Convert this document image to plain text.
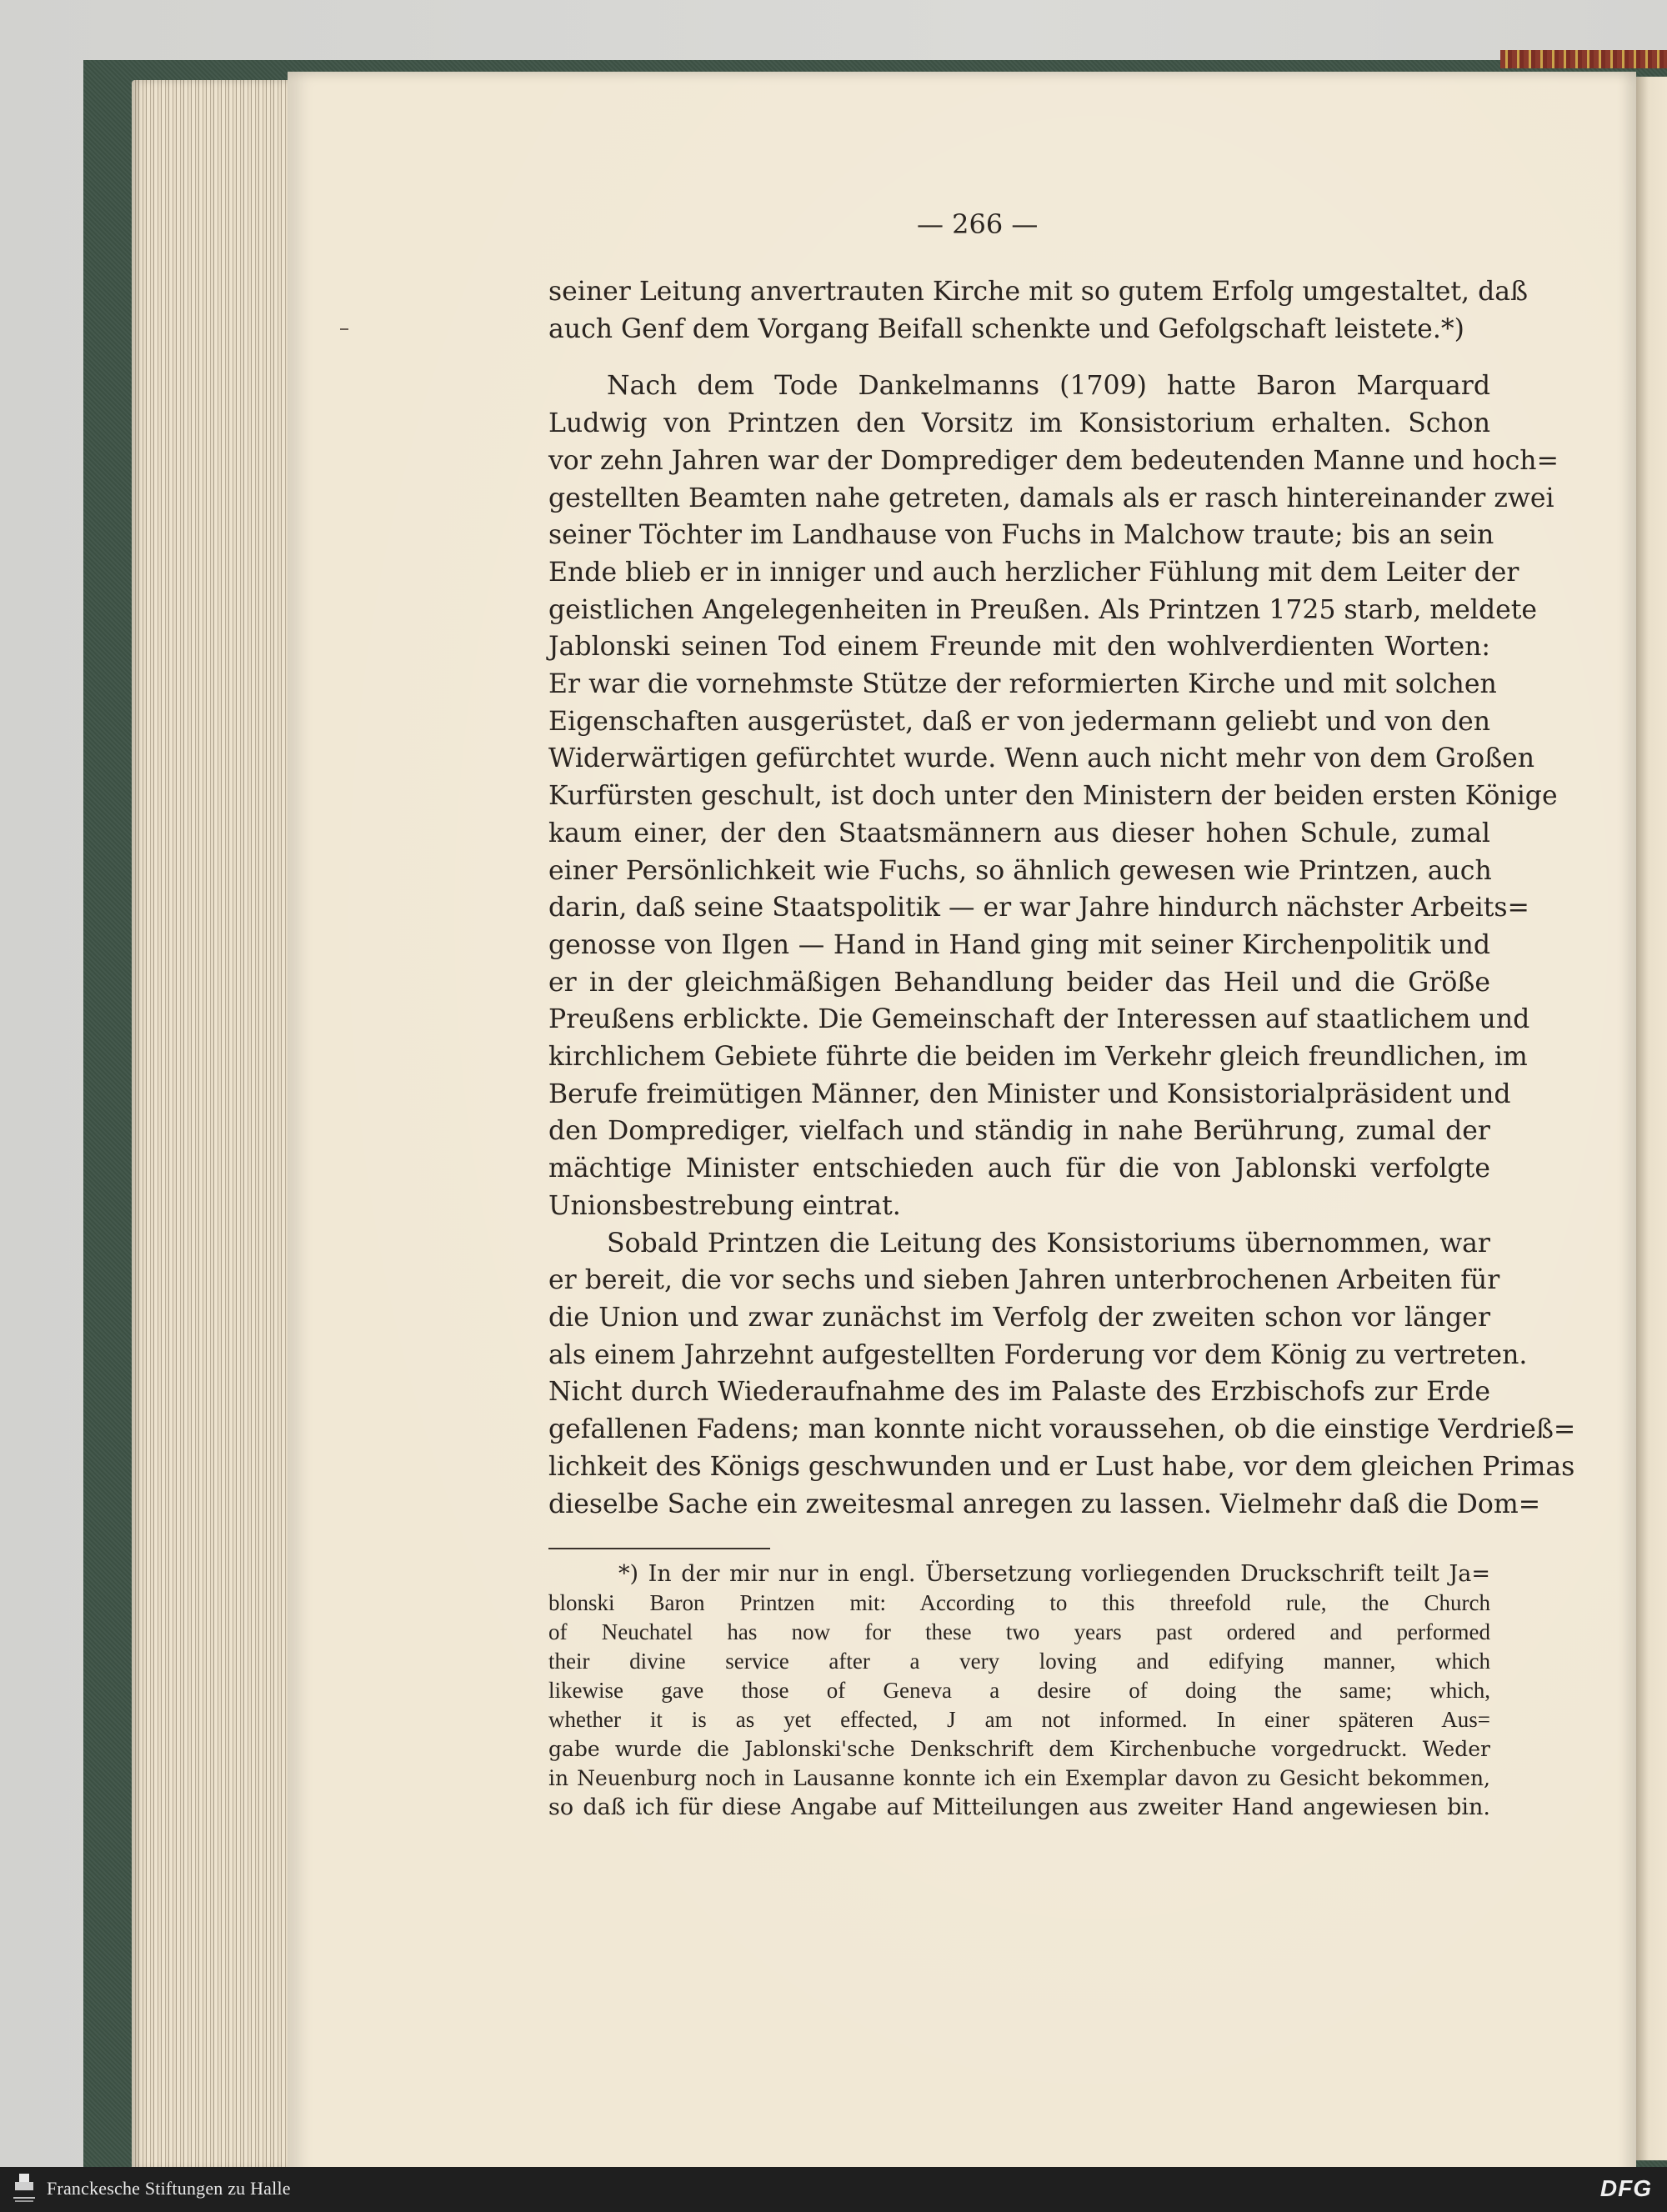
— 266 —

seiner Leitung anvertrauten Kirche mit so gutem Erfolg umgestaltet, daß
auch Genf dem Vorgang Beifall schenkte und Gefolgschaft leistete.*)

Nach dem Tode Dankelmanns (1709) hatte Baron Marquard
Ludwig von Printzen den Vorsitz im Konsistorium erhalten. Schon
vor zehn Jahren war der Domprediger dem bedeutenden Manne und hoch=
gestellten Beamten nahe getreten, damals als er rasch hintereinander zwei
seiner Töchter im Landhause von Fuchs in Malchow traute; bis an sein
Ende blieb er in inniger und auch herzlicher Fühlung mit dem Leiter der
geistlichen Angelegenheiten in Preußen. Als Printzen 1725 starb, meldete
Jablonski seinen Tod einem Freunde mit den wohlverdienten Worten:
Er war die vornehmste Stütze der reformierten Kirche und mit solchen
Eigenschaften ausgerüstet, daß er von jedermann geliebt und von den
Widerwärtigen gefürchtet wurde. Wenn auch nicht mehr von dem Großen
Kurfürsten geschult, ist doch unter den Ministern der beiden ersten Könige
kaum einer, der den Staatsmännern aus dieser hohen Schule, zumal
einer Persönlichkeit wie Fuchs, so ähnlich gewesen wie Printzen, auch
darin, daß seine Staatspolitik — er war Jahre hindurch nächster Arbeits=
genosse von Ilgen — Hand in Hand ging mit seiner Kirchenpolitik und
er in der gleichmäßigen Behandlung beider das Heil und die Größe
Preußens erblickte. Die Gemeinschaft der Interessen auf staatlichem und
kirchlichem Gebiete führte die beiden im Verkehr gleich freundlichen, im
Berufe freimütigen Männer, den Minister und Konsistorialpräsident und
den Domprediger, vielfach und ständig in nahe Berührung, zumal der
mächtige Minister entschieden auch für die von Jablonski verfolgte
Unionsbestrebung eintrat.

Sobald Printzen die Leitung des Konsistoriums übernommen, war
er bereit, die vor sechs und sieben Jahren unterbrochenen Arbeiten für
die Union und zwar zunächst im Verfolg der zweiten schon vor länger
als einem Jahrzehnt aufgestellten Forderung vor dem König zu vertreten.
Nicht durch Wiederaufnahme des im Palaste des Erzbischofs zur Erde
gefallenen Fadens; man konnte nicht voraussehen, ob die einstige Verdrieß=
lichkeit des Königs geschwunden und er Lust habe, vor dem gleichen Primas
dieselbe Sache ein zweitesmal anregen zu lassen. Vielmehr daß die Dom=

*) In der mir nur in engl. Übersetzung vorliegenden Druckschrift teilt Ja=
blonski Baron Printzen mit: According to this threefold rule, the Church
of Neuchatel has now for these two years past ordered and performed
their divine service after a very loving and edifying manner, which
likewise gave those of Geneva a desire of doing the same; which,
whether it is as yet effected, J am not informed. In einer späteren Aus=
gabe wurde die Jablonski'sche Denkschrift dem Kirchenbuche vorgedruckt. Weder
in Neuenburg noch in Lausanne konnte ich ein Exemplar davon zu Gesicht bekommen,
so daß ich für diese Angabe auf Mitteilungen aus zweiter Hand angewiesen bin.
Franckesche Stiftungen zu Halle	DFG
